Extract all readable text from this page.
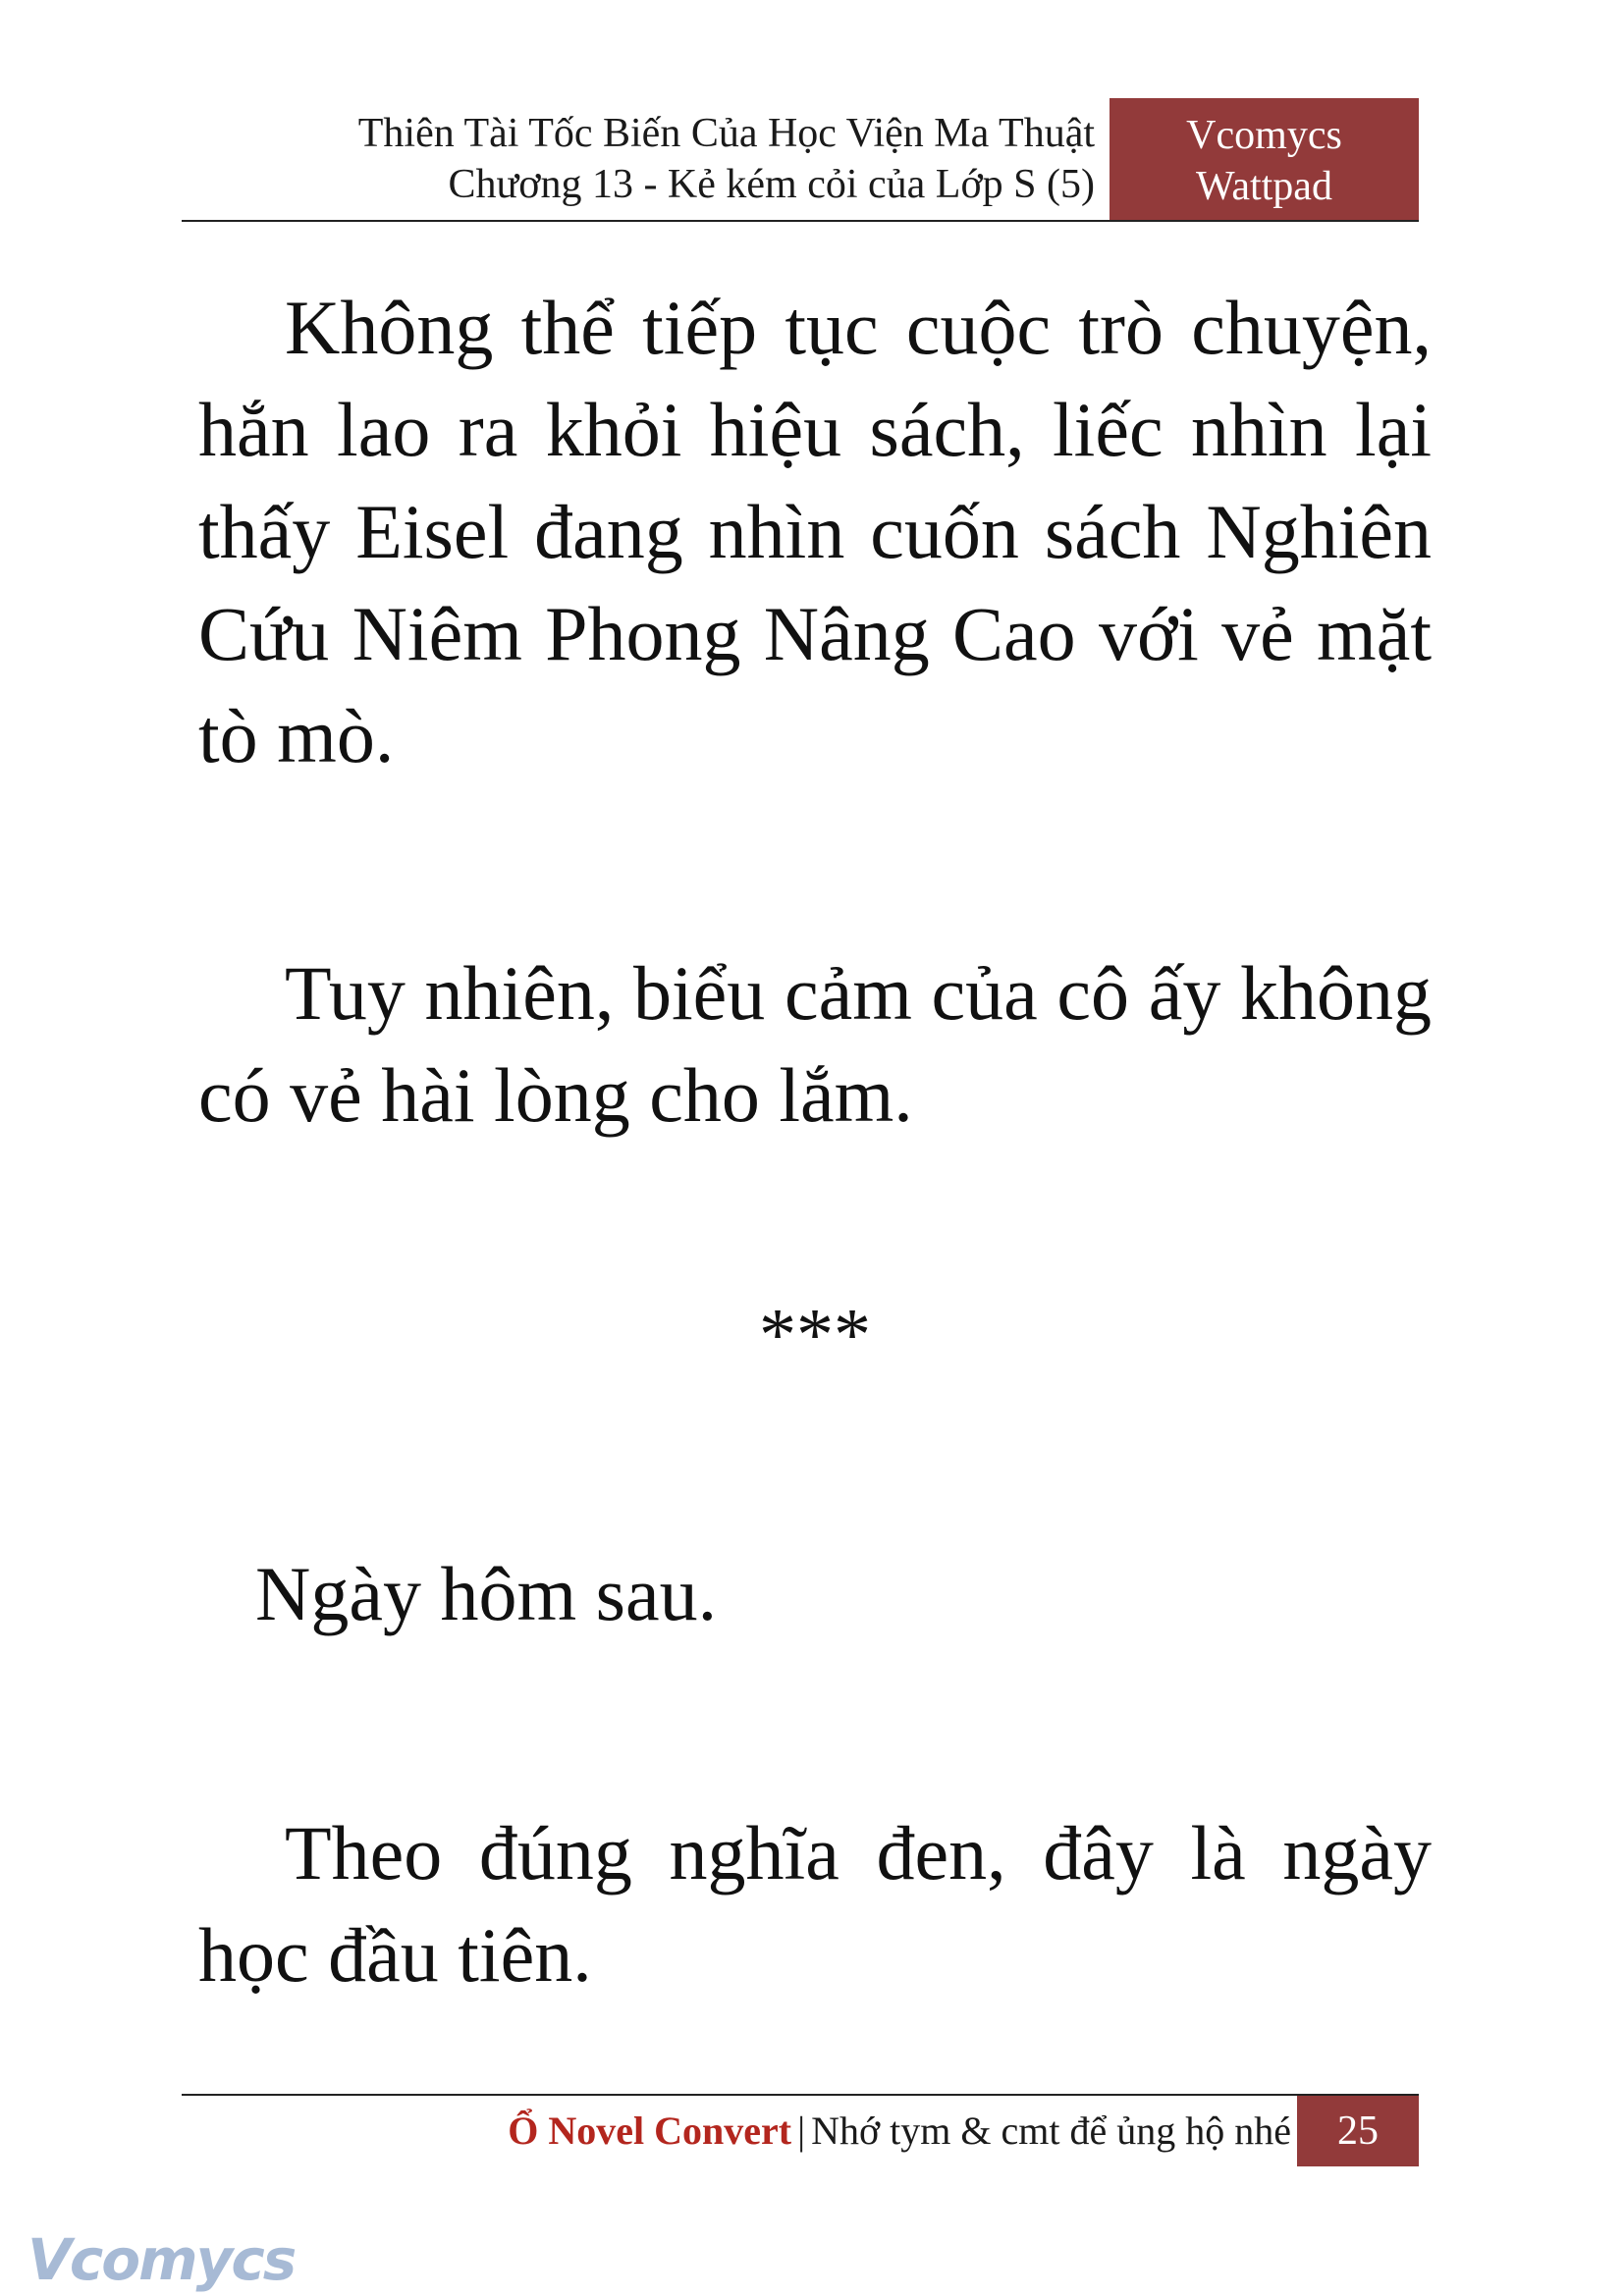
Thiên Tài Tốc Biến Của Học Viện Ma Thuật
Chương 13 - Kẻ kém cỏi của Lớp S (5)
Vcomycs
Wattpad

Không thể tiếp tục cuộc trò chuyện, hắn lao ra khỏi hiệu sách, liếc nhìn lại thấy Eisel đang nhìn cuốn sách Nghiên Cứu Niêm Phong Nâng Cao với vẻ mặt tò mò.

Tuy nhiên, biểu cảm của cô ấy không có vẻ hài lòng cho lắm.

***

Ngày hôm sau.

Theo đúng nghĩa đen, đây là ngày học đầu tiên.

Ổ Novel Convert | Nhớ tym & cmt để ủng hộ nhé	25
Vcomycs
